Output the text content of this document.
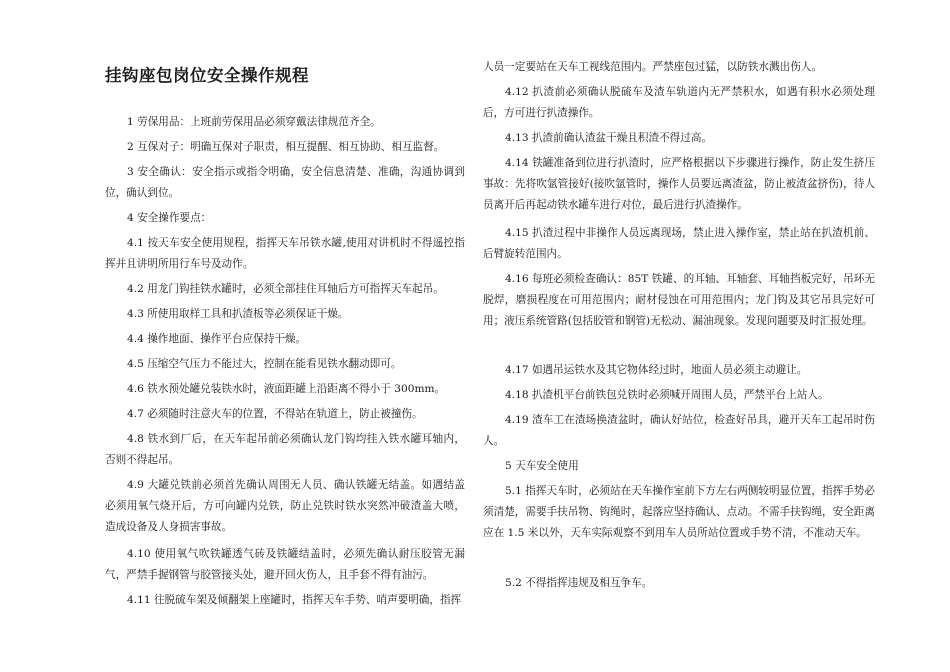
挂钩座包岗位安全操作规程

1 劳保用品：上班前劳保用品必须穿戴法律规范齐全。

2 互保对子：明确互保对子职责，相互提醒、相互协助、相互监督。

3 安全确认：安全指示或指令明确，安全信息清楚、准确，沟通协调到位，确认到位。

4 安全操作要点：

4.1 按天车安全使用规程，指挥天车吊铁水罐,使用对讲机时不得遥控指挥并且讲明所用行车号及动作。

4.2 用龙门钩挂铁水罐时，必须全部挂住耳轴后方可指挥天车起吊。

4.3 所使用取样工具和扒渣板等必须保证干燥。

4.4 操作地面、操作平台应保持干燥。

4.5 压缩空气压力不能过大，控制在能看见铁水翻动即可。

4.6 铁水预处罐兑装铁水时，液面距罐上沿距离不得小于 300mm。

4.7 必须随时注意火车的位置，不得站在轨道上，防止被撞伤。

4.8 铁水到厂后，在天车起吊前必须确认龙门钩均挂入铁水罐耳轴内，否则不得起吊。

4.9 大罐兑铁前必须首先确认周围无人员、确认铁罐无结盖。如遇结盖必须用氧气烧开后，方可向罐内兑铁，防止兑铁时铁水突然冲破渣盖大喷，造成设备及人身损害事故。

4.10 使用氧气吹铁罐透气砖及铁罐结盖时，必须先确认耐压胶管无漏气，严禁手握钢管与胶管接头处，避开回火伤人，且手套不得有油污。

4.11 往脱硫车架及倾翻架上座罐时，指挥天车手势、哨声要明确，指挥

人员一定要站在天车工视线范围内。严禁座包过猛，以防铁水溅出伤人。

4.12 扒渣前必须确认脱硫车及渣车轨道内无严禁积水，如遇有积水必须处理后，方可进行扒渣操作。

4.13 扒渣前确认渣盆干燥且积渣不得过高。

4.14 铁罐准备到位进行扒渣时，应严格根据以下步骤进行操作，防止发生挤压事故：先将吹氩管接好(接吹氩管时，操作人员要远离渣盆，防止被渣盆挤伤)，待人员离开后再起动铁水罐车进行对位，最后进行扒渣操作。

4.15 扒渣过程中非操作人员远离现场，禁止进入操作室，禁止站在扒渣机前、后臂旋转范围内。

4.16 每班必须检查确认：85T 铁罐、的耳轴、耳轴套、耳轴挡板完好，吊环无脱焊，磨损程度在可用范围内；耐材侵蚀在可用范围内；龙门钩及其它吊具完好可用；液压系统管路(包括胶管和钢管)无松动、漏油现象。发现问题要及时汇报处理。

4.17 如遇吊运铁水及其它物体经过时，地面人员必须主动避让。

4.18 扒渣机平台前铁包兑铁时必须喊开周围人员，严禁平台上站人。

4.19 渣车工在渣场换渣盆时，确认好站位，检查好吊具，避开天车工起吊时伤人。

5 天车安全使用

5.1 指挥天车时，必须站在天车操作室前下方左右两侧较明显位置，指挥手势必须清楚，需要手扶吊物、钩绳时，起落应坚持确认、点动。不需手扶钩绳，安全距离应在 1.5 米以外，天车实际观察不到用车人员所站位置或手势不清，不准动天车。

5.2 不得指挥违规及相互争车。
